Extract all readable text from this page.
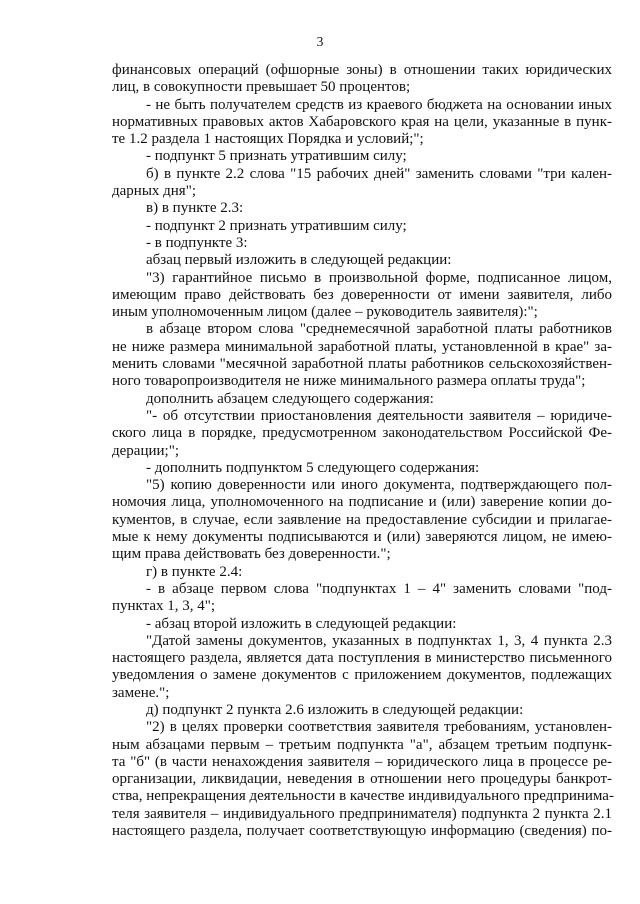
3
финансовых операций (офшорные зоны) в отношении таких юридических
лиц, в совокупности превышает 50 процентов;
- не быть получателем средств из краевого бюджета на основании иных
нормативных правовых актов Хабаровского края на цели, указанные в пунк-
те 1.2 раздела 1 настоящих Порядка и условий;";
- подпункт 5 признать утратившим силу;
б) в пункте 2.2 слова "15 рабочих дней" заменить словами "три кален-
дарных дня";
в) в пункте 2.3:
- подпункт 2 признать утратившим силу;
- в подпункте 3:
абзац первый изложить в следующей редакции:
"3) гарантийное письмо в произвольной форме, подписанное лицом,
имеющим право действовать без доверенности от имени заявителя, либо
иным уполномоченным лицом (далее – руководитель заявителя):";
в абзаце втором слова "среднемесячной заработной платы работников
не ниже размера минимальной заработной платы, установленной в крае" за-
менить словами "месячной заработной платы работников сельскохозяйствен-
ного товаропроизводителя не ниже минимального размера оплаты труда";
дополнить абзацем следующего содержания:
"- об отсутствии приостановления деятельности заявителя – юридиче-
ского лица в порядке, предусмотренном законодательством Российской Фе-
дерации;";
- дополнить подпунктом 5 следующего содержания:
"5) копию доверенности или иного документа, подтверждающего пол-
номочия лица, уполномоченного на подписание и (или) заверение копии до-
кументов, в случае, если заявление на предоставление субсидии и прилагае-
мые к нему документы подписываются и (или) заверяются лицом, не имею-
щим права действовать без доверенности.";
г) в пункте 2.4:
- в абзаце первом слова "подпунктах 1 – 4" заменить словами "под-
пунктах 1, 3, 4";
- абзац второй изложить в следующей редакции:
"Датой замены документов, указанных в подпунктах 1, 3, 4 пункта 2.3
настоящего раздела, является дата поступления в министерство письменного
уведомления о замене документов с приложением документов, подлежащих
замене.";
д) подпункт 2 пункта 2.6 изложить в следующей редакции:
"2) в целях проверки соответствия заявителя требованиям, установлен-
ным абзацами первым – третьим подпункта "а", абзацем третьим подпунк-
та "б" (в части ненахождения заявителя – юридического лица в процессе ре-
организации, ликвидации, неведения в отношении него процедуры банкрот-
ства, непрекращения деятельности в качестве индивидуального предпринима-
теля заявителя – индивидуального предпринимателя) подпункта 2 пункта 2.1
настоящего раздела, получает соответствующую информацию (сведения) по-
